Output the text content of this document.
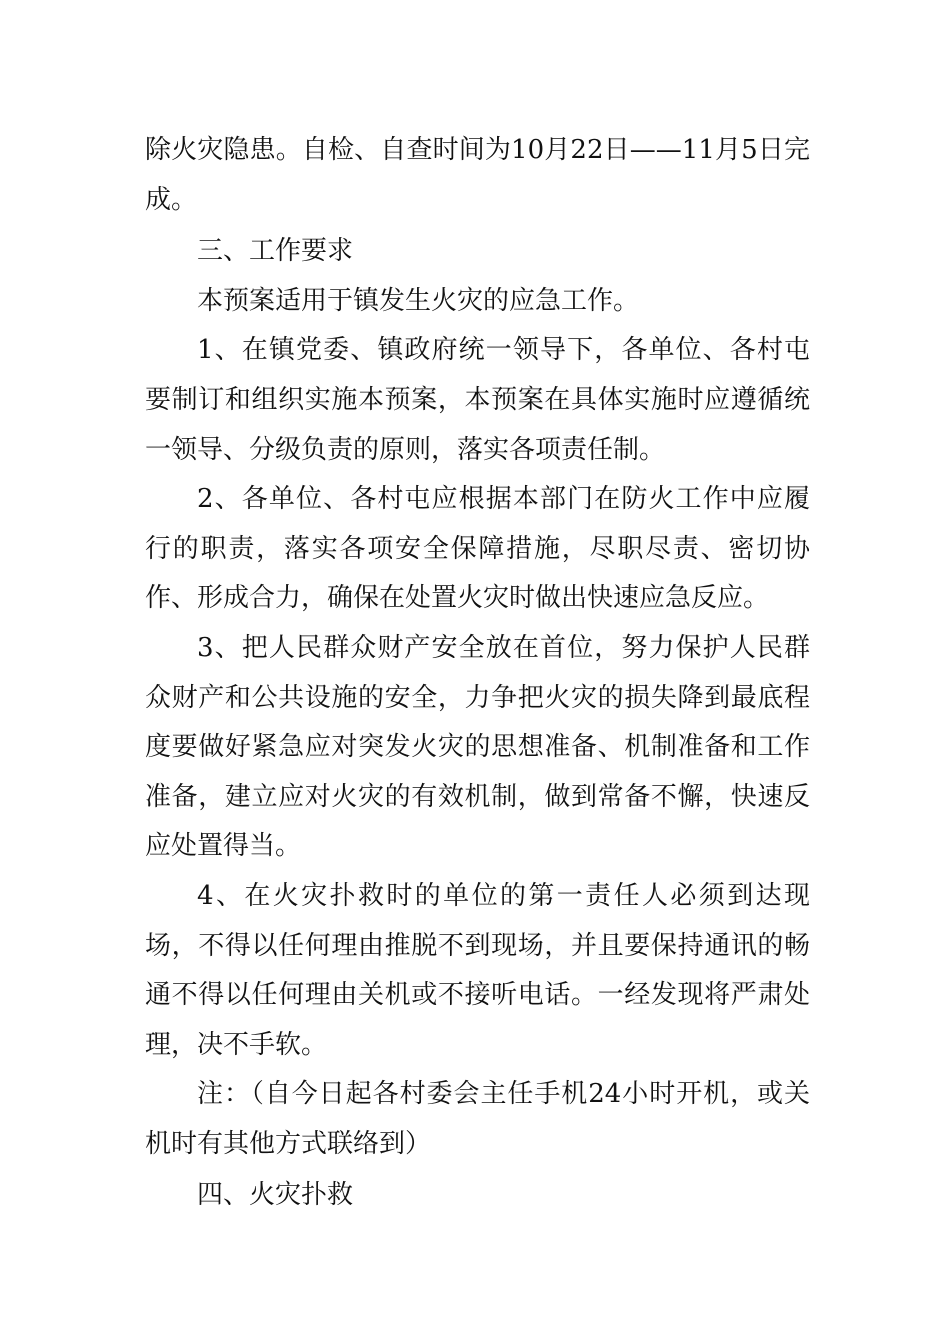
除火灾隐患。自检、自查时间为10月22日——11月5日完成。

三、工作要求

本预案适用于镇发生火灾的应急工作。

1、在镇党委、镇政府统一领导下，各单位、各村屯要制订和组织实施本预案，本预案在具体实施时应遵循统一领导、分级负责的原则，落实各项责任制。

2、各单位、各村屯应根据本部门在防火工作中应履行的职责，落实各项安全保障措施，尽职尽责、密切协作、形成合力，确保在处置火灾时做出快速应急反应。

3、把人民群众财产安全放在首位，努力保护人民群众财产和公共设施的安全，力争把火灾的损失降到最底程度要做好紧急应对突发火灾的思想准备、机制准备和工作准备，建立应对火灾的有效机制，做到常备不懈，快速反应处置得当。

4、在火灾扑救时的单位的第一责任人必须到达现场，不得以任何理由推脱不到现场，并且要保持通讯的畅通不得以任何理由关机或不接听电话。一经发现将严肃处理，决不手软。

注：（自今日起各村委会主任手机24小时开机，或关机时有其他方式联络到）

四、火灾扑救
